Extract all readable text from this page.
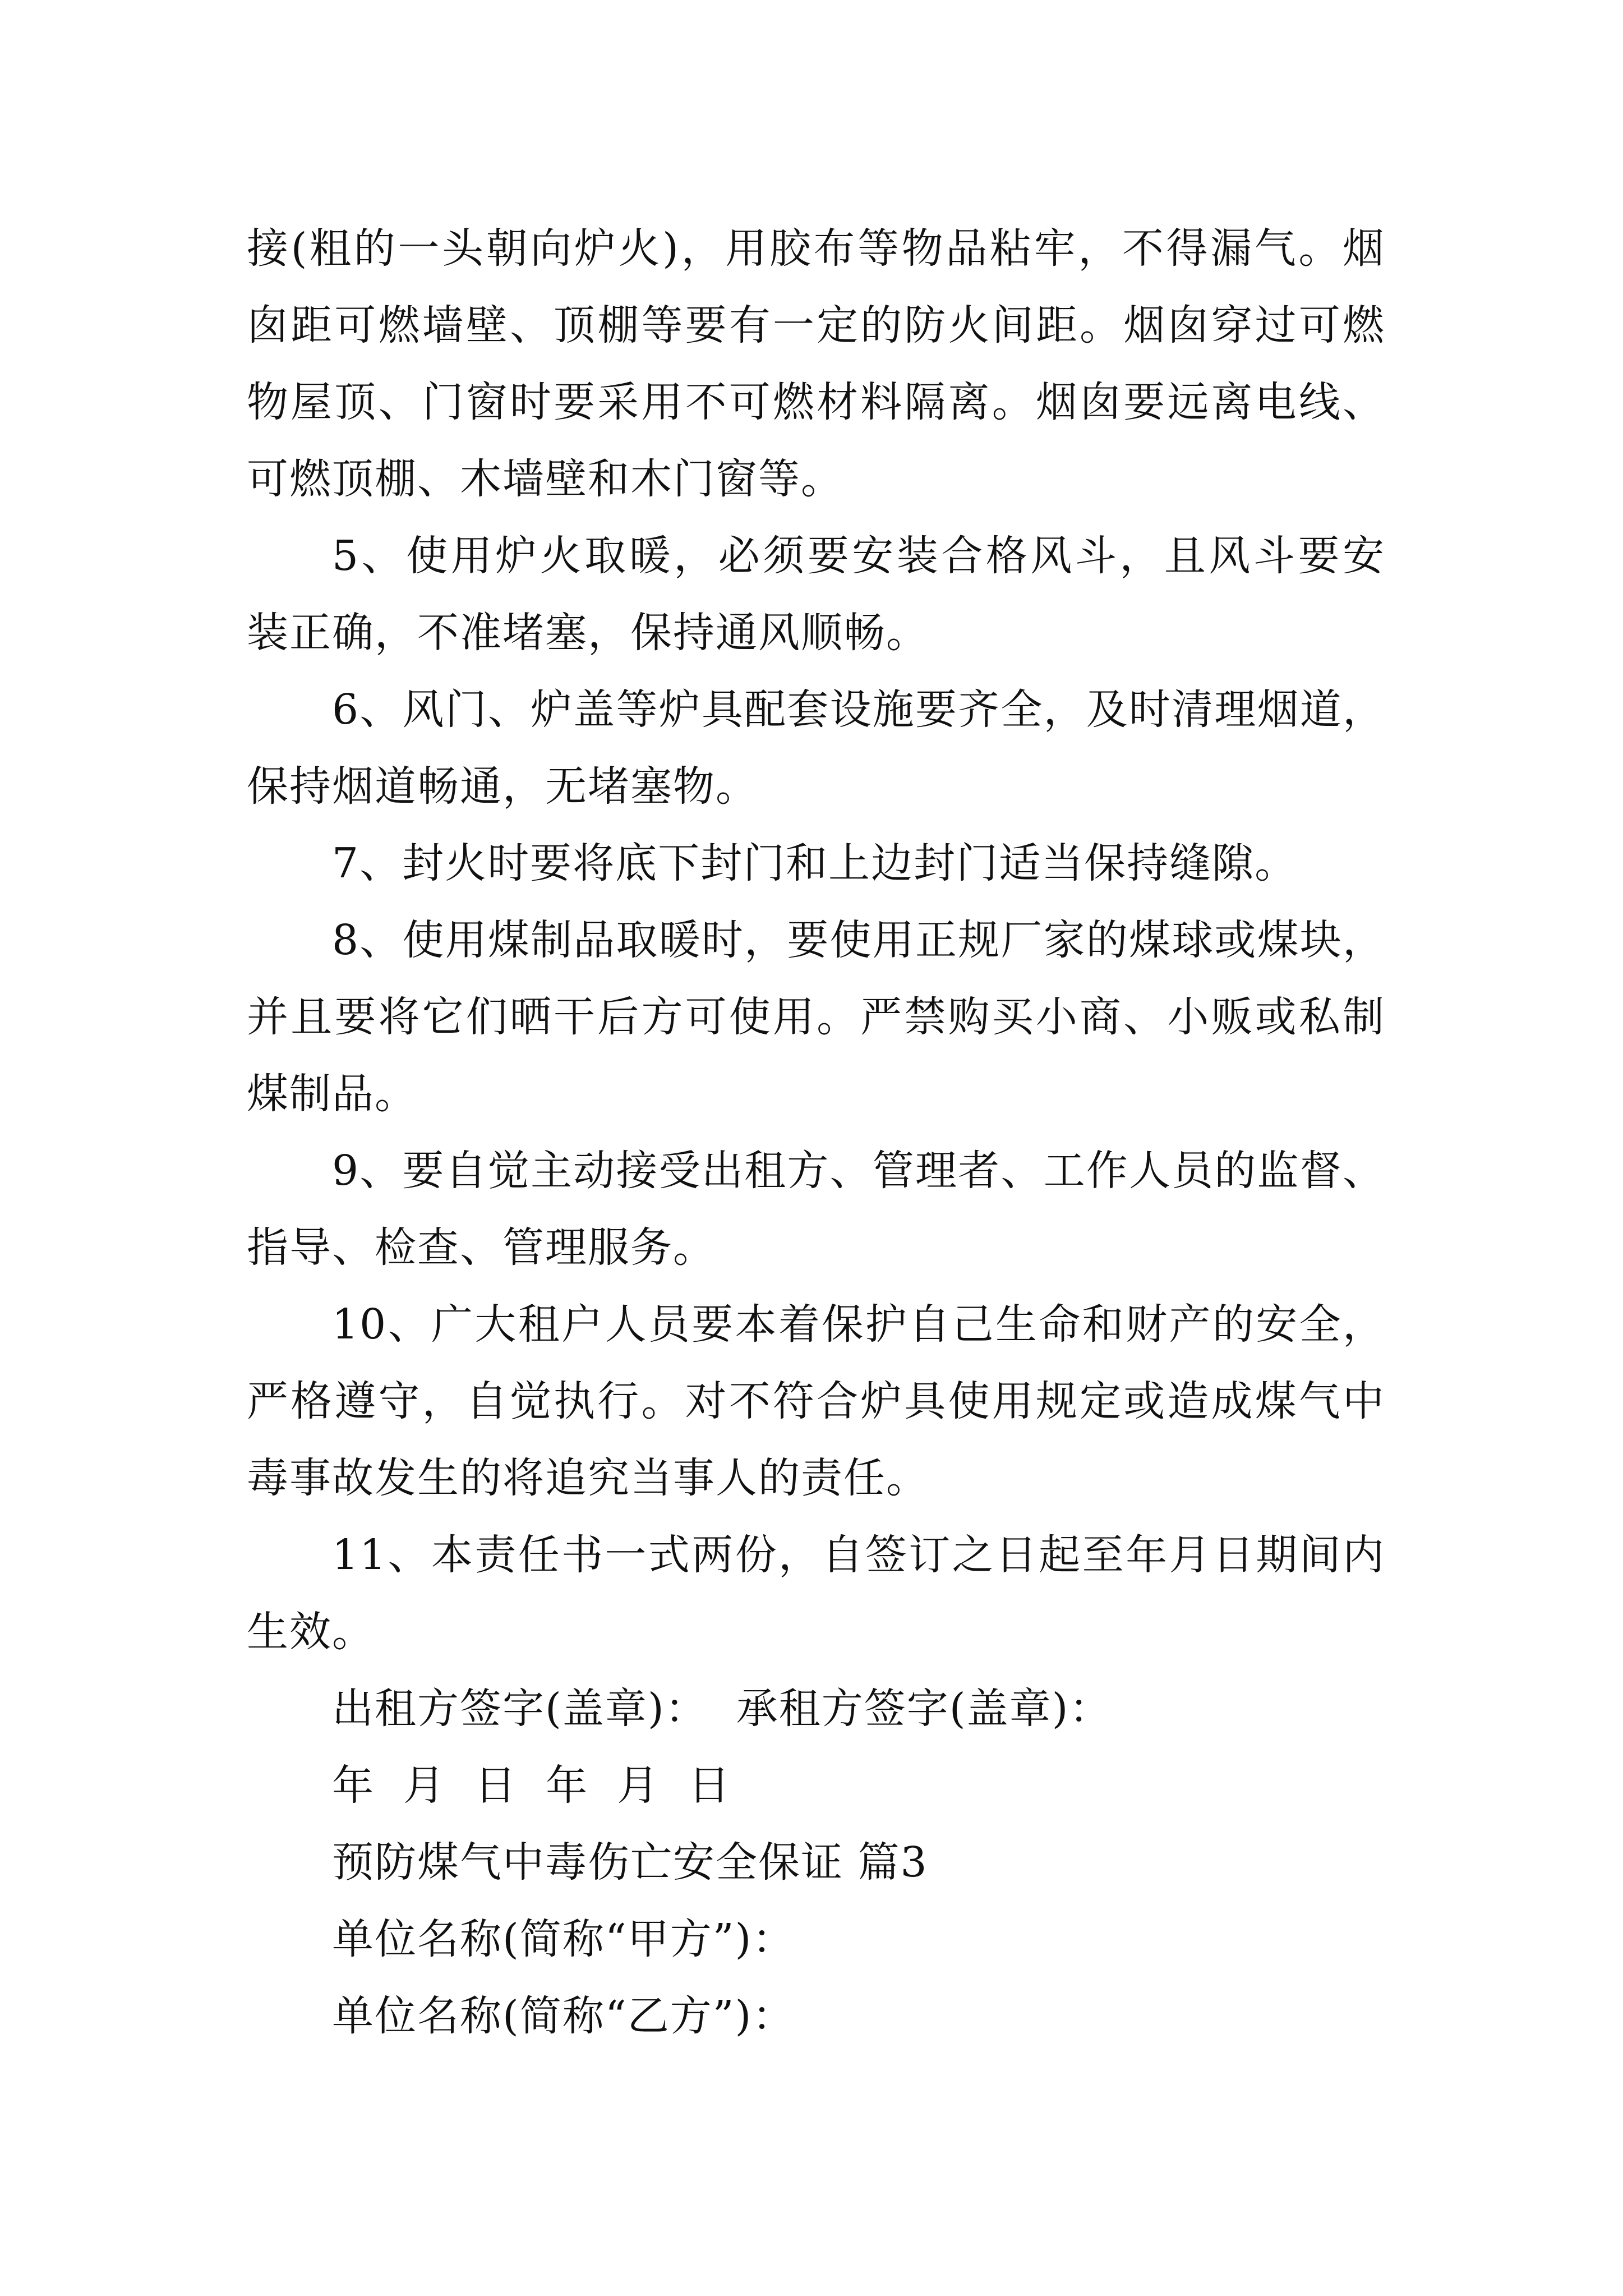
接(粗的一头朝向炉火)，用胶布等物品粘牢，不得漏气。烟
囱距可燃墙壁、顶棚等要有一定的防火间距。烟囱穿过可燃
物屋顶、门窗时要采用不可燃材料隔离。烟囱要远离电线、
可燃顶棚、木墙壁和木门窗等。
5、使用炉火取暖，必须要安装合格风斗，且风斗要安
装正确，不准堵塞，保持通风顺畅。
6、风门、炉盖等炉具配套设施要齐全，及时清理烟道，
保持烟道畅通，无堵塞物。
7、封火时要将底下封门和上边封门适当保持缝隙。
8、使用煤制品取暖时，要使用正规厂家的煤球或煤块，
并且要将它们晒干后方可使用。严禁购买小商、小贩或私制
煤制品。
9、要自觉主动接受出租方、管理者、工作人员的监督、
指导、检查、管理服务。
10、广大租户人员要本着保护自己生命和财产的安全，
严格遵守，自觉执行。对不符合炉具使用规定或造成煤气中
毒事故发生的将追究当事人的责任。
11、本责任书一式两份，自签订之日起至年月日期间内
生效。
出租方签字(盖章)：  承租方签字(盖章)：
年  月  日  年  月  日
预防煤气中毒伤亡安全保证 篇3
单位名称(简称“甲方”)：
单位名称(简称“乙方”)：
